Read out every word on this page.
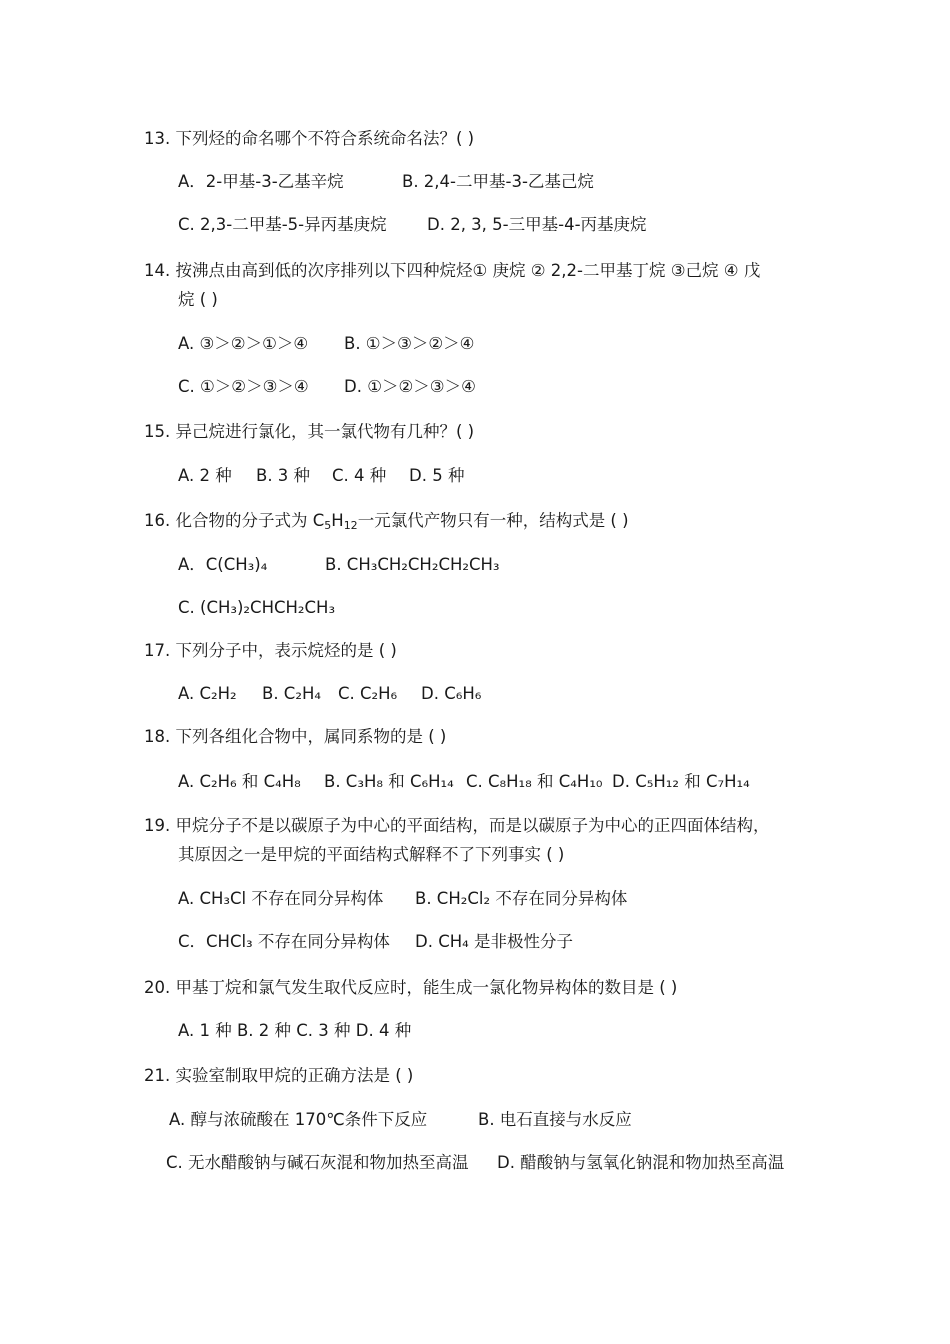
13. 下列烃的命名哪个不符合系统命名法？( )
A．2-甲基-3-乙基辛烷	B. 2,4-二甲基-3-乙基己烷
C. 2,3-二甲基-5-异丙基庚烷 D. 2, 3, 5-三甲基-4-丙基庚烷
14. 按沸点由高到低的次序排列以下四种烷烃① 庚烷 ② 2,2-二甲基丁烷 ③己烷 ④ 戊
烷 ( )
A. ③＞②＞①＞④ B. ①＞③＞②＞④
C. ①＞②＞③＞④ D. ①＞②＞③＞④
15. 异己烷进行氯化，其一氯代物有几种？( )
A. 2 种 B. 3 种 C. 4 种 D. 5 种
16. 化合物的分子式为 $C_5H_{12}$一元氯代产物只有一种，结构式是 ( )
A．C(CH₃)₄	B. CH₃CH₂CH₂CH₂CH₃
C. (CH₃)₂CHCH₂CH₃
17. 下列分子中，表示烷烃的是 ( )
A. C₂H₂ B. C₂H₄ C. C₂H₆ D. C₆H₆
18. 下列各组化合物中，属同系物的是 ( )
A. C₂H₆ 和 C₄H₈ B. C₃H₈ 和 C₆H₁₄ C. C₈H₁₈ 和 C₄H₁₀ D. C₅H₁₂ 和 C₇H₁₄
19. 甲烷分子不是以碳原子为中心的平面结构，而是以碳原子为中心的正四面体结构，
其原因之一是甲烷的平面结构式解释不了下列事实 ( )
A. CH₃Cl 不存在同分异构体 B. CH₂Cl₂ 不存在同分异构体
C．CHCl₃ 不存在同分异构体 D. CH₄ 是非极性分子
20. 甲基丁烷和氯气发生取代反应时，能生成一氯化物异构体的数目是 ( )
A. 1 种 B. 2 种 C. 3 种 D. 4 种
21. 实验室制取甲烷的正确方法是 ( )
A. 醇与浓硫酸在 170℃条件下反应	B. 电石直接与水反应
C. 无水醋酸钠与碱石灰混和物加热至高温 D. 醋酸钠与氢氧化钠混和物加热至高温
